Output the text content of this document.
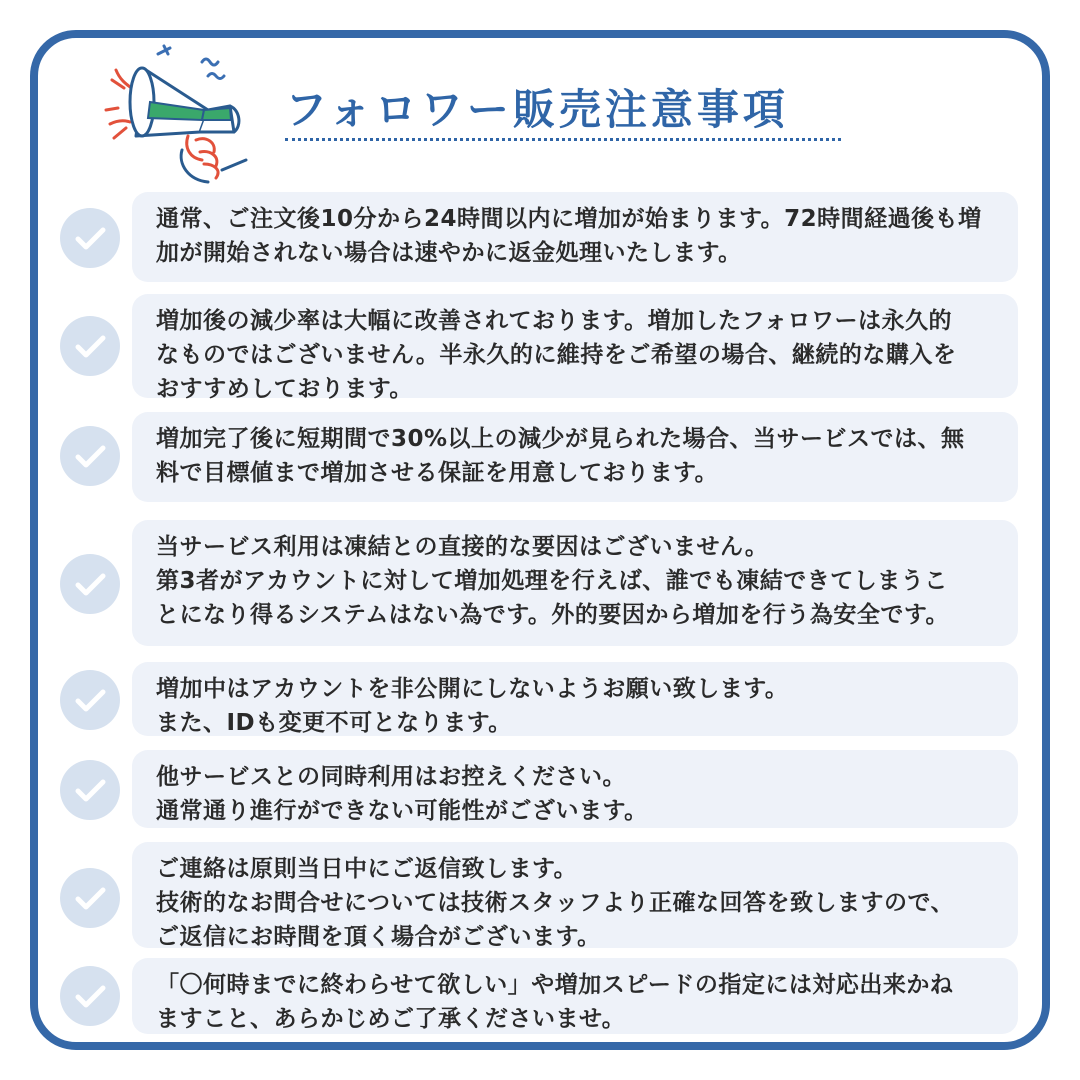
フォロワー販売注意事項
通常、ご注文後10分から24時間以内に増加が始まります。72時間経過後も増
加が開始されない場合は速やかに返金処理いたします。
増加後の減少率は大幅に改善されております。増加したフォロワーは永久的
なものではございません。半永久的に維持をご希望の場合、継続的な購入を
おすすめしております。
増加完了後に短期間で30%以上の減少が見られた場合、当サービスでは、無
料で目標値まで増加させる保証を用意しております。
当サービス利用は凍結との直接的な要因はございません。
第3者がアカウントに対して増加処理を行えば、誰でも凍結できてしまうこ
とになり得るシステムはない為です。外的要因から増加を行う為安全です。
増加中はアカウントを非公開にしないようお願い致します。
また、IDも変更不可となります。
他サービスとの同時利用はお控えください。
通常通り進行ができない可能性がございます。
ご連絡は原則当日中にご返信致します。
技術的なお問合せについては技術スタッフより正確な回答を致しますので、
ご返信にお時間を頂く場合がございます。
「〇何時までに終わらせて欲しい」や増加スピードの指定には対応出来かね
ますこと、あらかじめご了承くださいませ。
